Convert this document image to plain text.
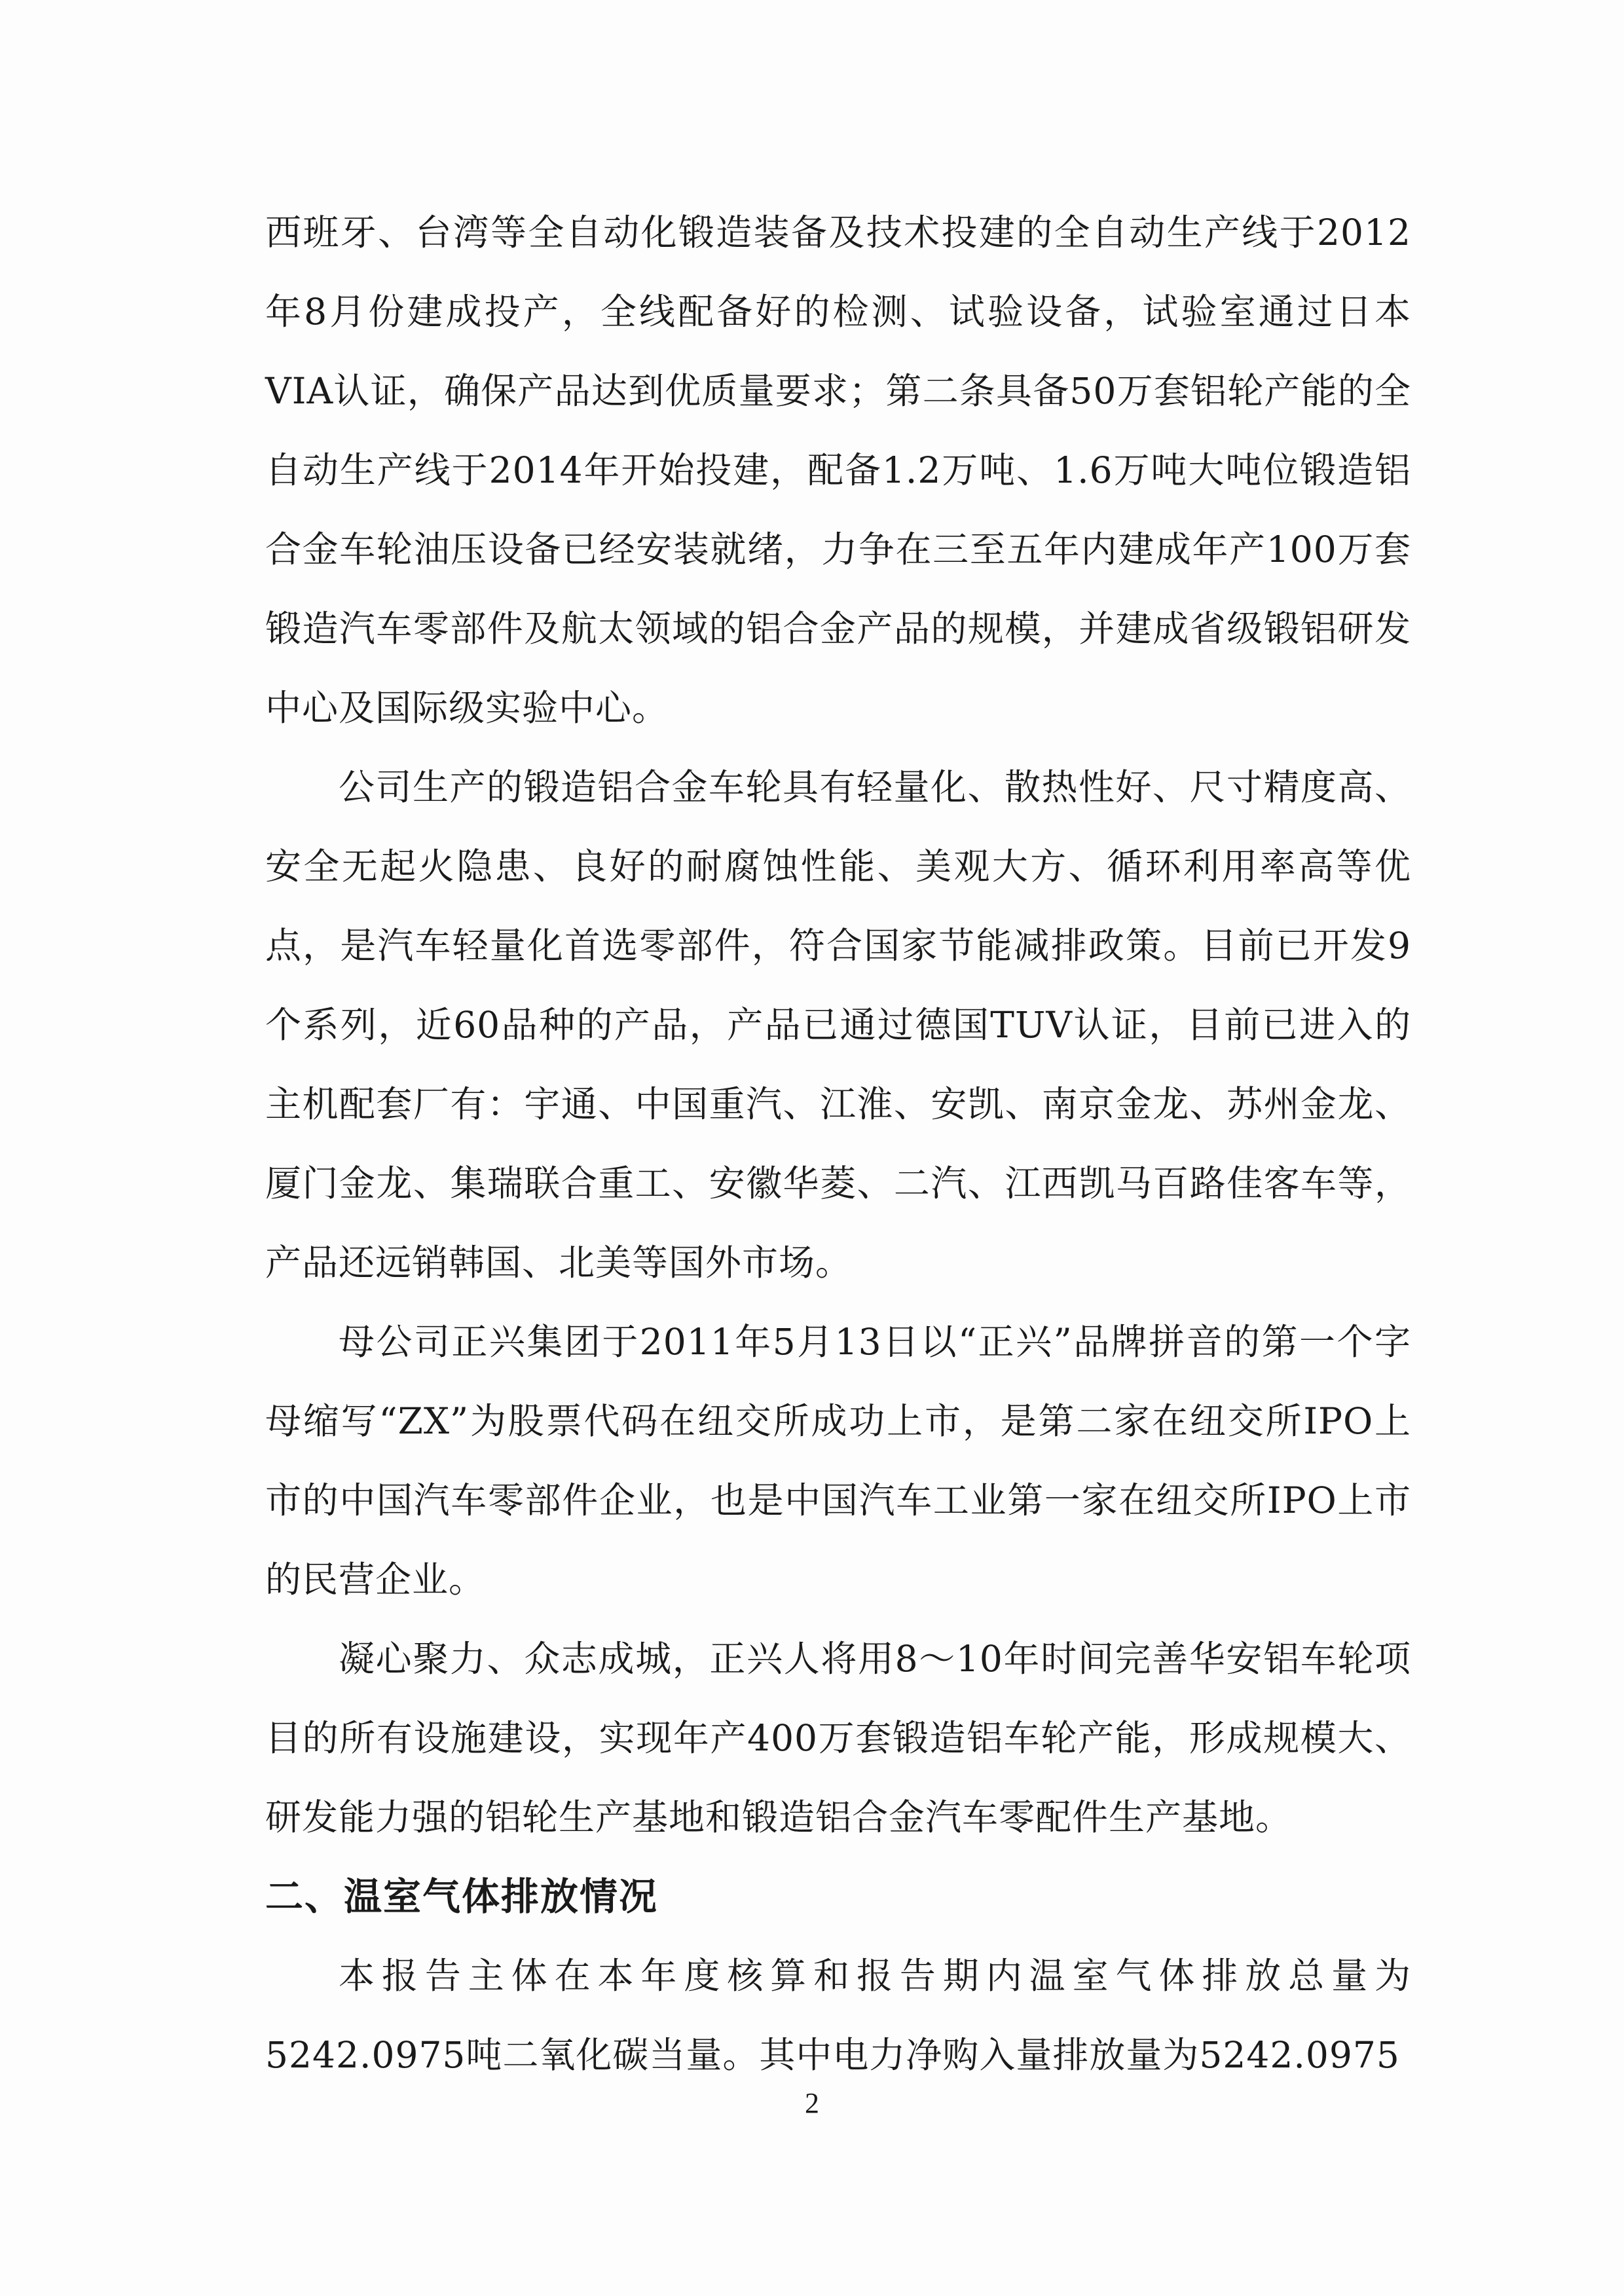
西班牙、台湾等全自动化锻造装备及技术投建的全自动生产线于2012年8月份建成投产，全线配备好的检测、试验设备，试验室通过日本VIA认证，确保产品达到优质量要求；第二条具备50万套铝轮产能的全自动生产线于2014年开始投建，配备1.2万吨、1.6万吨大吨位锻造铝合金车轮油压设备已经安装就绪，力争在三至五年内建成年产100万套锻造汽车零部件及航太领域的铝合金产品的规模，并建成省级锻铝研发中心及国际级实验中心。

公司生产的锻造铝合金车轮具有轻量化、散热性好、尺寸精度高、安全无起火隐患、良好的耐腐蚀性能、美观大方、循环利用率高等优点，是汽车轻量化首选零部件，符合国家节能减排政策。目前已开发9个系列，近60品种的产品，产品已通过德国TUV认证，目前已进入的主机配套厂有：宇通、中国重汽、江淮、安凯、南京金龙、苏州金龙、厦门金龙、集瑞联合重工、安徽华菱、二汽、江西凯马百路佳客车等，产品还远销韩国、北美等国外市场。

母公司正兴集团于2011年5月13日以“正兴”品牌拼音的第一个字母缩写“ZX”为股票代码在纽交所成功上市，是第二家在纽交所IPO上市的中国汽车零部件企业，也是中国汽车工业第一家在纽交所IPO上市的民营企业。

凝心聚力、众志成城，正兴人将用8～10年时间完善华安铝车轮项目的所有设施建设，实现年产400万套锻造铝车轮产能，形成规模大、研发能力强的铝轮生产基地和锻造铝合金汽车零配件生产基地。

二、温室气体排放情况

本报告主体在本年度核算和报告期内温室气体排放总量为5242.0975吨二氧化碳当量。其中电力净购入量排放量为5242.0975

2
